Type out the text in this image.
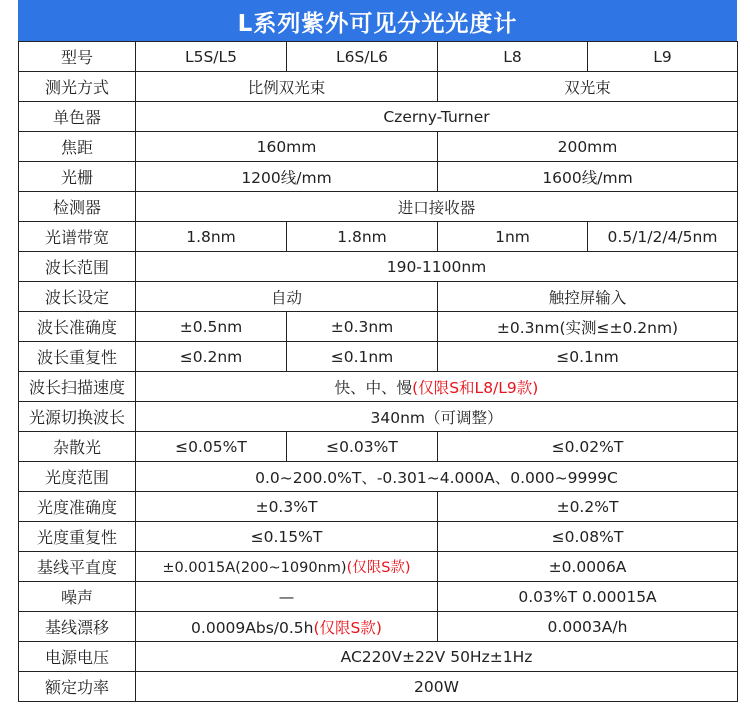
L系列紫外可见分光光度计
型号	L5S/L5	L6S/L6	L8	L9
测光方式	比例双光束		双光束	
单色器	Czerny-Turner			
焦距	160mm		200mm	
光栅	1200线/mm		1600线/mm	
检测器	进口接收器			
光谱带宽	1.8nm	1.8nm	1nm	0.5/1/2/4/5nm
波长范围	190-1100nm			
波长设定	自动		触控屏输入	
波长准确度	±0.5nm	±0.3nm	±0.3nm(实测≤±0.2nm)	
波长重复性	≤0.2nm	≤0.1nm	≤0.1nm	
波长扫描速度	快、中、慢(仅限S和L8/L9款)			
光源切换波长	340nm（可调整）			
杂散光	≤0.05%T	≤0.03%T	≤0.02%T	
光度范围	0.0~200.0%T、-0.301~4.000A、0.000~9999C			
光度准确度	±0.3%T		±0.2%T	
光度重复性	≤0.15%T		≤0.08%T	
基线平直度	±0.0015A(200~1090nm)(仅限S款)		±0.0006A	
噪声	—		0.03%T 0.00015A	
基线漂移	0.0009Abs/0.5h(仅限S款)		0.0003A/h	
电源电压	AC220V±22V 50Hz±1Hz			
额定功率	200W			
